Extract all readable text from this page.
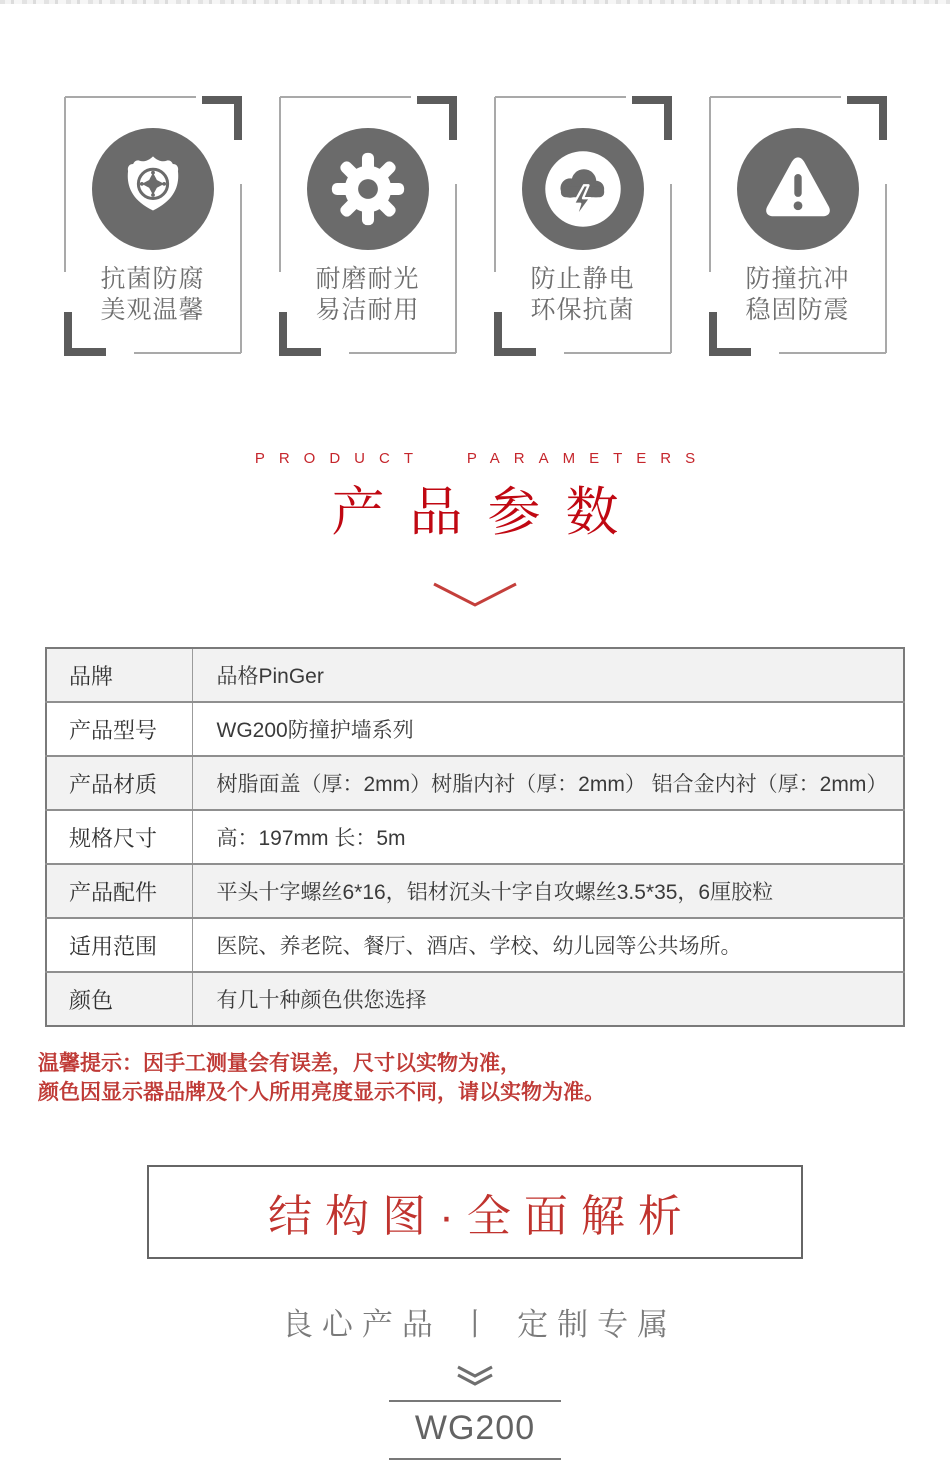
抗菌防腐
美观温馨
耐磨耐光
易洁耐用
防止静电
环保抗菌
防撞抗冲
稳固防震
PRODUCT PARAMETERS
产品参数
品牌	品格PinGer
产品型号	WG200防撞护墙系列
产品材质	树脂面盖（厚：2mm）树脂内衬（厚：2mm） 铝合金内衬（厚：2mm）
规格尺寸	高：197mm 长：5m
产品配件	平头十字螺丝6*16，铝材沉头十字自攻螺丝3.5*35，6厘胶粒
适用范围	医院、养老院、餐厅、酒店、学校、幼儿园等公共场所。
颜色	有几十种颜色供您选择
温馨提示：因手工测量会有误差，尺寸以实物为准，
颜色因显示器品牌及个人所用亮度显示不同，请以实物为准。
结构图·全面解析
良心产品 丨 定制专属
WG200
